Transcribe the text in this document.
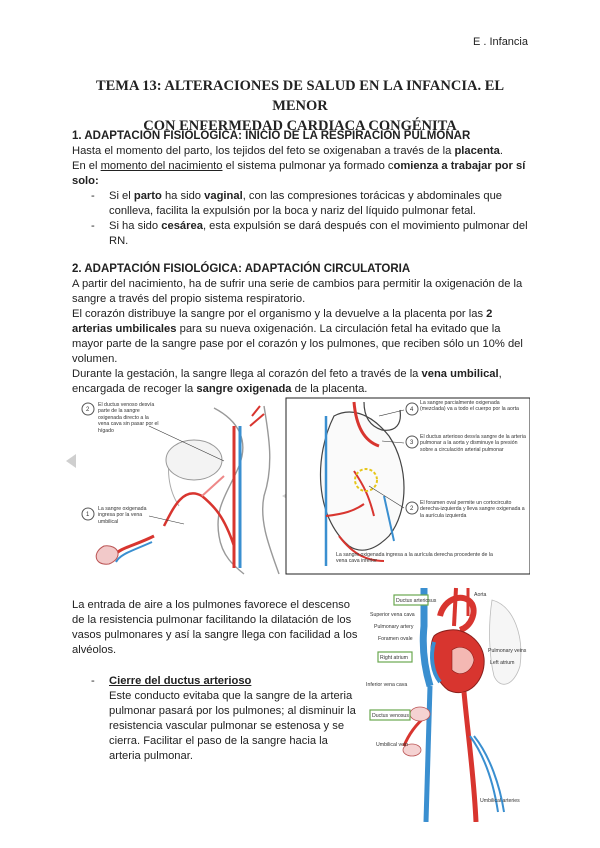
E . Infancia
TEMA 13: ALTERACIONES DE SALUD EN LA INFANCIA. EL MENOR
CON ENFERMEDAD CARDIACA CONGÉNITA
1. ADAPTACIÓN FISIOLÓGICA: INICIO DE LA RESPIRACIÓN PULMONAR

Hasta el momento del parto, los tejidos del feto se oxigenaban a través de la placenta.

En el momento del nacimiento el sistema pulmonar ya formado comienza a trabajar por sí solo:

- Si el parto ha sido vaginal, con las compresiones torácicas y abdominales que conlleva, facilita la expulsión por la boca y nariz del líquido pulmonar fetal.
- Si ha sido cesárea, esta expulsión se dará después con el movimiento pulmonar del RN.
2. ADAPTACIÓN FISIOLÓGICA: ADAPTACIÓN CIRCULATORIA

A partir del nacimiento, ha de sufrir una serie de cambios para permitir la oxigenación de la sangre a través del propio sistema respiratorio.

El corazón distribuye la sangre por el organismo y la devuelve a la placenta por las 2 arterias umbilicales para su nueva oxigenación. La circulación fetal ha evitado que la mayor parte de la sangre pase por el corazón y los pulmones, que reciben sólo un 10% del volumen.

Durante la gestación, la sangre llega al corazón del feto a través de la vena umbilical, encargada de recoger la sangre oxigenada de la placenta.

2
1
El ductus venoso desvía parte de la sangre oxigenada directo a la vena cava sin pasar por el hígado
La sangre oxigenada ingresa por la vena umbilical
4
3
2
La sangre parcialmente oxigenada (mezclada) va a todo el cuerpo por la aorta
El ductus arterioso desvía sangre de la arteria pulmonar a la aorta y disminuye la presión sobre a circulación arterial pulmonar
El foramen oval permite un cortocircuito derecha-izquierda y lleva sangre oxigenada a la aurícula izquierda
La sangre oxigenada ingresa a la aurícula derecha procedente de la vena cava inferior

La entrada de aire a los pulmones favorece el descenso de la resistencia pulmonar facilitando la dilatación de los vasos pulmonares y así la sangre llega con facilidad a los alvéolos.

- Cierre del ductus arterioso
Este conducto evitaba que la sangre de la arteria pulmonar pasará por los pulmones; al disminuir la resistencia vascular pulmonar se estenosa y se cierra. Facilitar el paso de la sangre hacia la arteria pulmonar.
Ductus arteriosus
Superior vena cava
Pulmonary artery
Foramen ovale
Right atrium
Inferior vena cava
Ductus venosus
Umbilical vein
Aorta
Pulmonary veins
Left atrium
Umbilical arteries
